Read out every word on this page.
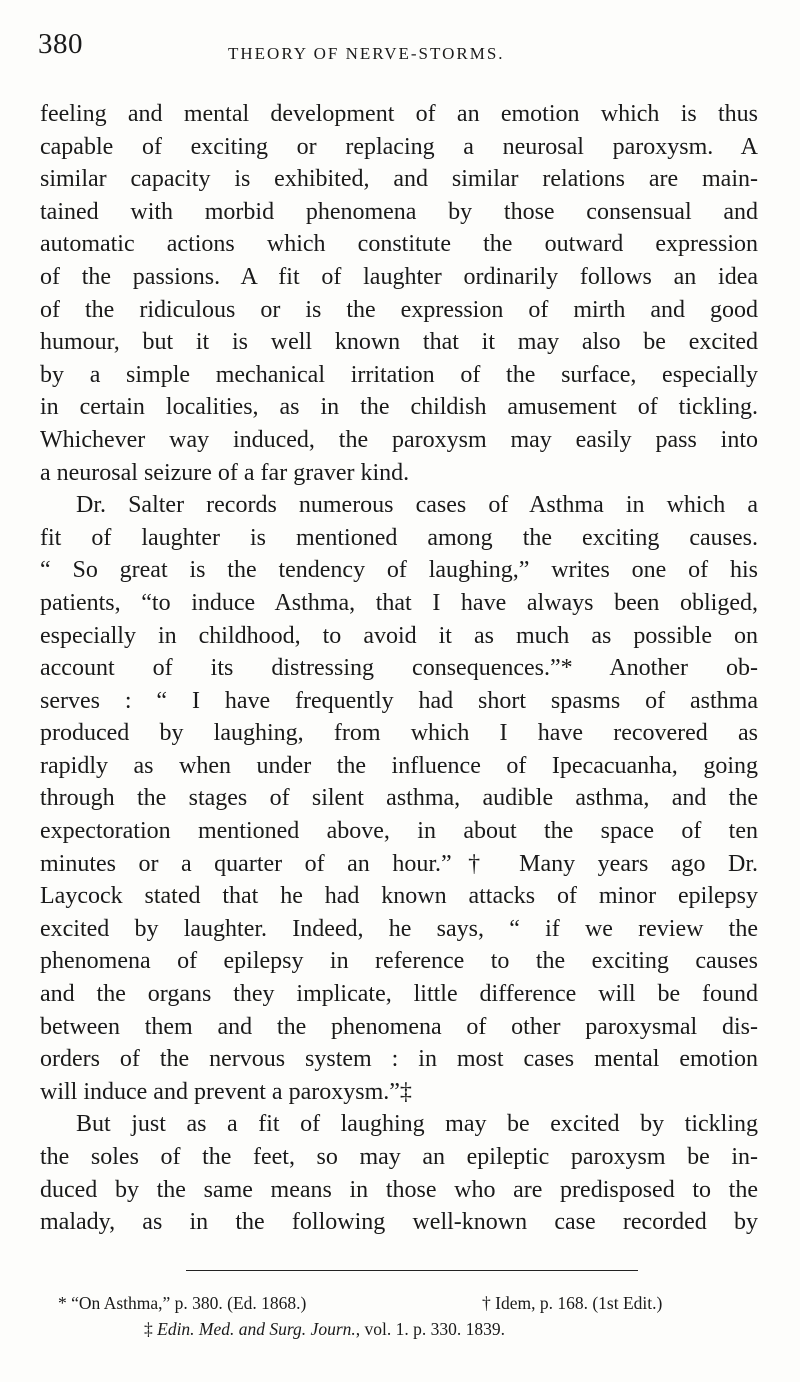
380	THEORY OF NERVE-STORMS.
feeling and mental development of an emotion which is thus
capable of exciting or replacing a neurosal paroxysm. A
similar capacity is exhibited, and similar relations are main-
tained with morbid phenomena by those consensual and
automatic actions which constitute the outward expression
of the passions. A fit of laughter ordinarily follows an idea
of the ridiculous or is the expression of mirth and good
humour, but it is well known that it may also be excited
by a simple mechanical irritation of the surface, especially
in certain localities, as in the childish amusement of tickling.
Whichever way induced, the paroxysm may easily pass into
a neurosal seizure of a far graver kind.
Dr. Salter records numerous cases of Asthma in which a
fit of laughter is mentioned among the exciting causes.
“ So great is the tendency of laughing,” writes one of his
patients, “to induce Asthma, that I have always been obliged,
especially in childhood, to avoid it as much as possible on
account of its distressing consequences.”* Another ob-
serves : “ I have frequently had short spasms of asthma
produced by laughing, from which I have recovered as
rapidly as when under the influence of Ipecacuanha, going
through the stages of silent asthma, audible asthma, and the
expectoration mentioned above, in about the space of ten
minutes or a quarter of an hour.”† Many years ago Dr.
Laycock stated that he had known attacks of minor epilepsy
excited by laughter. Indeed, he says, “ if we review the
phenomena of epilepsy in reference to the exciting causes
and the organs they implicate, little difference will be found
between them and the phenomena of other paroxysmal dis-
orders of the nervous system : in most cases mental emotion
will induce and prevent a paroxysm.”‡
But just as a fit of laughing may be excited by tickling
the soles of the feet, so may an epileptic paroxysm be in-
duced by the same means in those who are predisposed to the
malady, as in the following well-known case recorded by
* “On Asthma,” p. 380. (Ed. 1868.)	† Idem, p. 168. (1st Edit.)
‡ Edin. Med. and Surg. Journ., vol. 1. p. 330. 1839.
